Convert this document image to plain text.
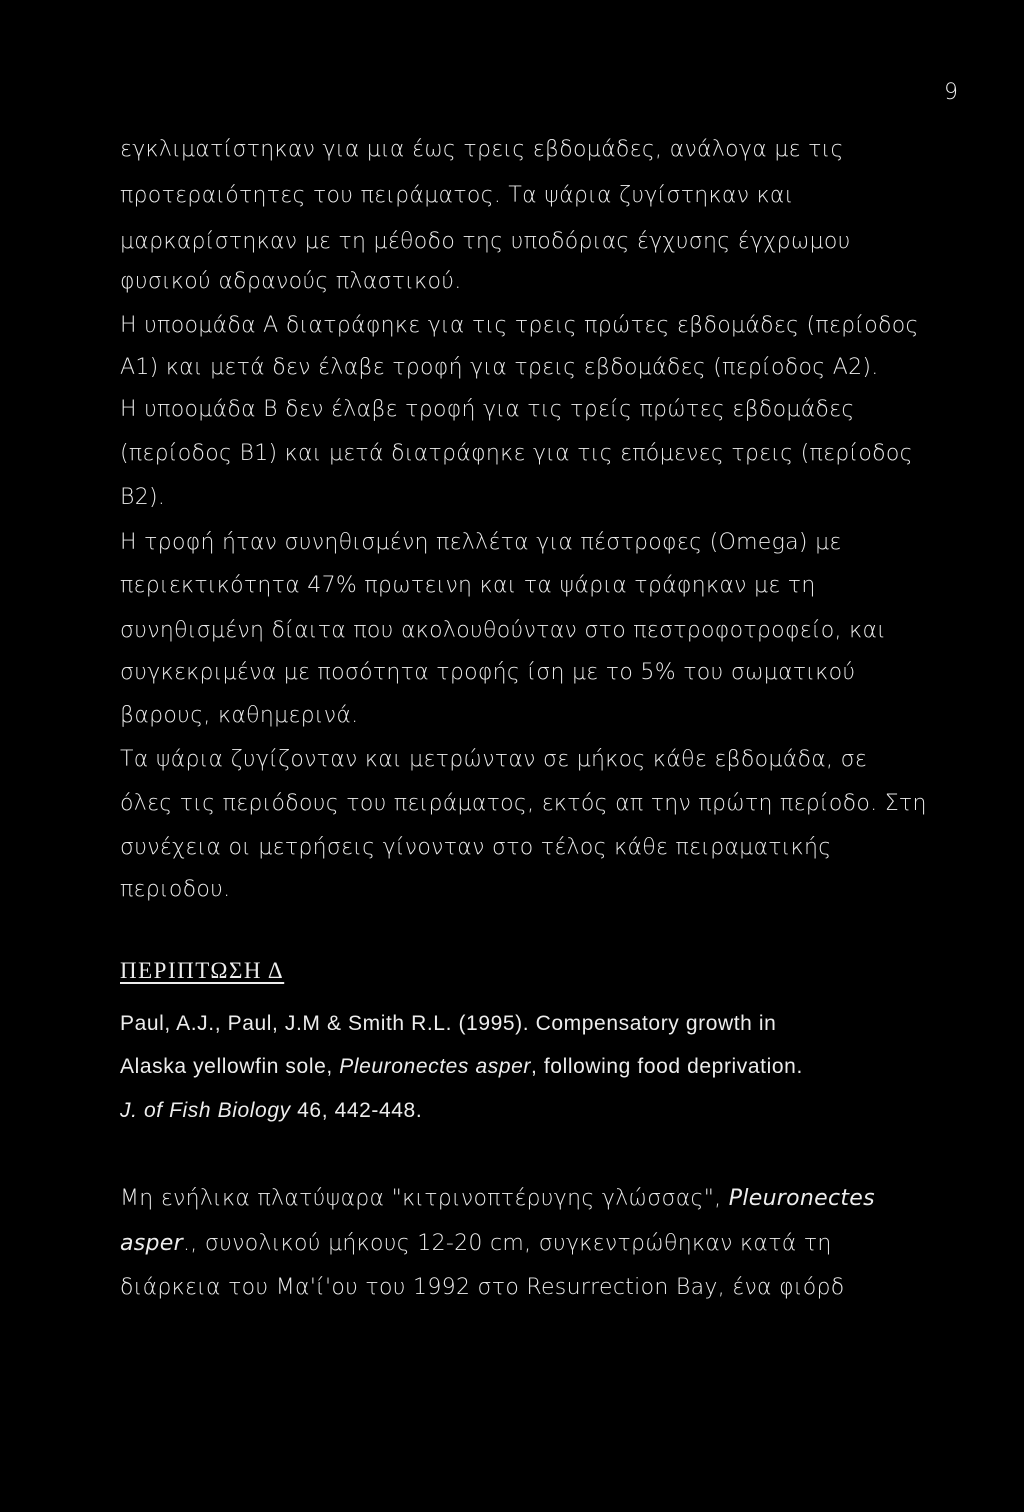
9
εγκλιματίστηκαν για μια έως τρεις εβδομάδες, ανάλογα με τις
προτεραιότητες του πειράματος. Τα ψάρια ζυγίστηκαν και
μαρκαρίστηκαν με τη μέθοδο της υποδόριας έγχυσης έγχρωμου
φυσικού αδρανούς πλαστικού.
Η υποομάδα Α διατράφηκε για τις τρεις πρώτες εβδομάδες (περίοδος
Α1) και μετά δεν έλαβε τροφή για τρεις εβδομάδες (περίοδος Α2).
Η υποομάδα Β δεν έλαβε τροφή για τις τρείς πρώτες εβδομάδες
(περίοδος Β1) και μετά διατράφηκε για τις επόμενες τρεις (περίοδος
Β2).
Η τροφή ήταν συνηθισμένη πελλέτα για πέστροφες (Omega) με
περιεκτικότητα 47% πρωτεινη και τα ψάρια τράφηκαν με τη
συνηθισμένη δίαιτα που ακολουθούνταν στο πεστροφοτροφείο, και
συγκεκριμένα με ποσότητα τροφής ίση με το 5% του σωματικού
βαρους, καθημερινά.
Τα ψάρια ζυγίζονταν και μετρώνταν σε μήκος κάθε εβδομάδα, σε
όλες τις περιόδους του πειράματος, εκτός απ την πρώτη περίοδο. Στη
συνέχεια οι μετρήσεις γίνονταν στο τέλος κάθε πειραματικής
περιοδου.
ΠΕΡΙΠΤΩΣΗ Δ
Paul, A.J., Paul, J.M & Smith R.L. (1995). Compensatory growth in
Alaska yellowfin sole, Pleuronectes asper, following food deprivation.
J. of Fish Biology 46, 442-448.
Μη ενήλικα πλατύψαρα "κιτρινοπτέρυγης γλώσσας", Pleuronectes
asper., συνολικού μήκους 12-20 cm, συγκεντρώθηκαν κατά τη
διάρκεια του Μα'ί'ου του 1992 στο Resurrection Bay, ένα φιόρδ
